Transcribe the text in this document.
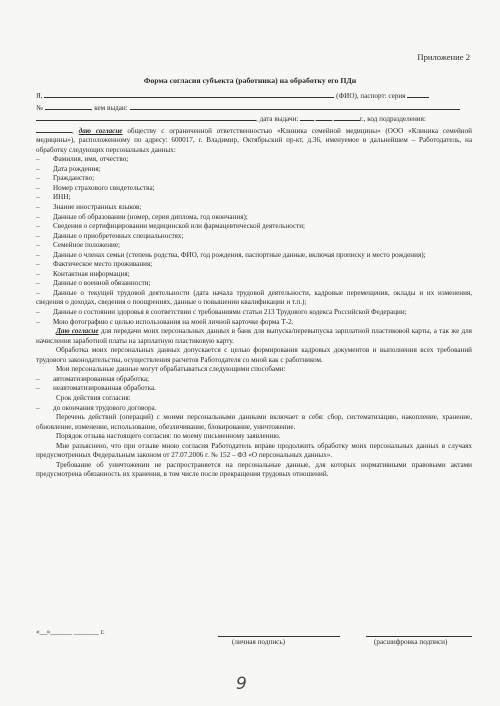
Приложение 2
Форма согласия субъекта (работника) на обработку его ПДн

Я,	(ФИО), паспорт: серия

№	, кем выдан:

, дата выдачи: . .	г., код подразделения:

, даю согласие обществу с ограниченной ответственностью «Клиника семейной медицины» (ООО «Клиника семейной медицины»), расположенному по адресу: 600017, г. Владимир, Октябрьский пр-кт, д.36, именуемое в дальнейшем – Работодатель, на обработку следующих персональных данных:

–	Фамилия, имя, отчество;
–	Дата рождения;
–	Гражданство;
–	Номер страхового свидетельства;
–	ИНН;
–	Знание иностранных языков;
–	Данные об образовании (номер, серия диплома, год окончания);
–	Сведения о сертифицировании медицинской или фармацевтической деятельности;
–	Данные о приобретенных специальностях;
–	Семейное положение;

– Данные о членах семьи (степень родства, ФИО, год рождения, паспортные данные, включая прописку и место рождения);

–	Фактическое место проживания;
–	Контактная информация;
–	Данные о военной обязанности;

– Данные о текущей трудовой деятельности (дата начала трудовой деятельности, кадровые перемещения, оклады и их изменения, сведения о доходах, сведения о поощрениях, данные о повышении квалификации и т.п.);

– Данные о состоянии здоровья в соответствии с требованиями статьи 213 Трудового кодекса Российской Федерации;

–	Мою фотографию с целью использования на моей личной карточке форма Т-2.

Даю согласие для передачи моих персональных данных в банк для выпуска/перевыпуска зарплатной пластиковой карты, а так же для начисления заработной платы на зарплатную пластиковую карту.

Обработка моих персональных данных допускается с целью формирования кадровых документов и выполнения всех требований трудового законодательства, осуществления расчетов Работодателя со мной как с работником.

Мои персональные данные могут обрабатываться следующими способами:

–	автоматизированная обработка;
–	неавтоматизированная обработка.

Срок действия согласия:

–	до окончания трудового договора.

Перечень действий (операций) с моими персональными данными включает в себя: сбор, систематизацию, накопление, хранение, обновление, изменение, использование, обезличивание, блокирование, уничтожение.

Порядок отзыва настоящего согласия: по моему письменному заявлению.

Мне разъяснено, что при отзыве мною согласия Работодатель вправе продолжить обработку моих персональных данных в случаях предусмотренных Федеральным законом от 27.07.2006 г. № 152 – ФЗ «О персональных данных».

Требование об уничтожении не распространяется на персональные данные, для которых нормативными правовыми актами предусмотрена обязанность их хранения, в том числе после прекращения трудовых отношений.

«__»______ _______ г.
(личная подпись)	(расшифровка подписи)
9
